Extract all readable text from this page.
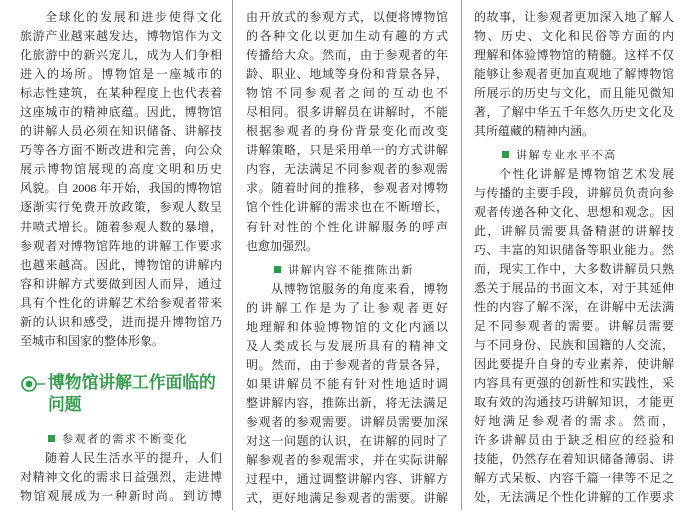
全球化的发展和进步使得文化
旅游产业越来越发达，博物馆作为文
化旅游中的新兴宠儿，成为人们争相
进入的场所。博物馆是一座城市的
标志性建筑，在某种程度上也代表着
这座城市的精神底蕴。因此，博物馆
的讲解人员必须在知识储备、讲解技
巧等各方面不断改进和完善，向公众
展示博物馆展现的高度文明和历史
风貌。自 2008 年开始，我国的博物馆
逐渐实行免费开放政策，参观人数呈
井喷式增长。随着参观人数的暴增，
参观者对博物馆阵地的讲解工作要求
也越来越高。因此，博物馆的讲解内
容和讲解方式要做到因人而异，通过
具有个性化的讲解艺术给参观者带来
新的认识和感受，进而提升博物馆乃
至城市和国家的整体形象。
博物馆讲解工作面临的
问题
参观者的需求不断变化
随着人民生活水平的提升，人们
对精神文化的需求日益强烈，走进博
物馆观展成为一种新时尚。到访博
由开放式的参观方式，以便将博物馆
的各种文化以更加生动有趣的方式
传播给大众。然而，由于参观者的年
龄、职业、地域等身份和背景各异，
物馆不同参观者之间的互动也不
尽相同。很多讲解员在讲解时，不能
根据参观者的身份背景变化而改变
讲解策略，只是采用单一的方式讲解
内容，无法满足不同参观者的参观需
求。随着时间的推移，参观者对博物
馆个性化讲解的需求也在不断增长，
有针对性的个性化讲解服务的呼声
也愈加强烈。
讲解内容不能推陈出新
从博物馆服务的角度来看，博物
的讲解工作是为了让参观者更好
地理解和体验博物馆的文化内涵以
及人类成长与发展所具有的精神文
明。然而，由于参观者的背景各异，
如果讲解员不能有针对性地适时调
整讲解内容，推陈出新，将无法满足
参观者的参观需要。讲解员需要加深
对这一问题的认识，在讲解的同时了
解参观者的参观需求，并在实际讲解
过程中，通过调整讲解内容、讲解方
式，更好地满足参观者的需要。讲解
的故事，让参观者更加深入地了解人
物、历史、文化和民俗等方面的内
理解和体验博物馆的精髓。这样不仅
能够让参观者更加直观地了解博物馆
所展示的历史与文化，而且能见微知
著，了解中华五千年悠久历史文化及
其所蕴藏的精神内涵。
讲解专业水平不高
个性化讲解是博物馆艺术发展
与传播的主要手段，讲解员负责向参
观者传递各种文化、思想和观念。因
此，讲解员需要具备精湛的讲解技
巧、丰富的知识储备等职业能力。然
而，现实工作中，大多数讲解员只熟
悉关于展品的书面文本，对于其延伸
性的内容了解不深，在讲解中无法满
足不同参观者的需要。讲解员需要
与不同身份、民族和国籍的人交流，
因此要提升自身的专业素养，使讲解
内容具有更强的创新性和实践性，采
取有效的沟通技巧讲解知识，才能更
好地满足参观者的需求。然而，
许多讲解员由于缺乏相应的经验和
技能，仍然存在着知识储备薄弱、讲
解方式呆板、内容千篇一律等不足之
处，无法满足个性化讲解的工作要求
